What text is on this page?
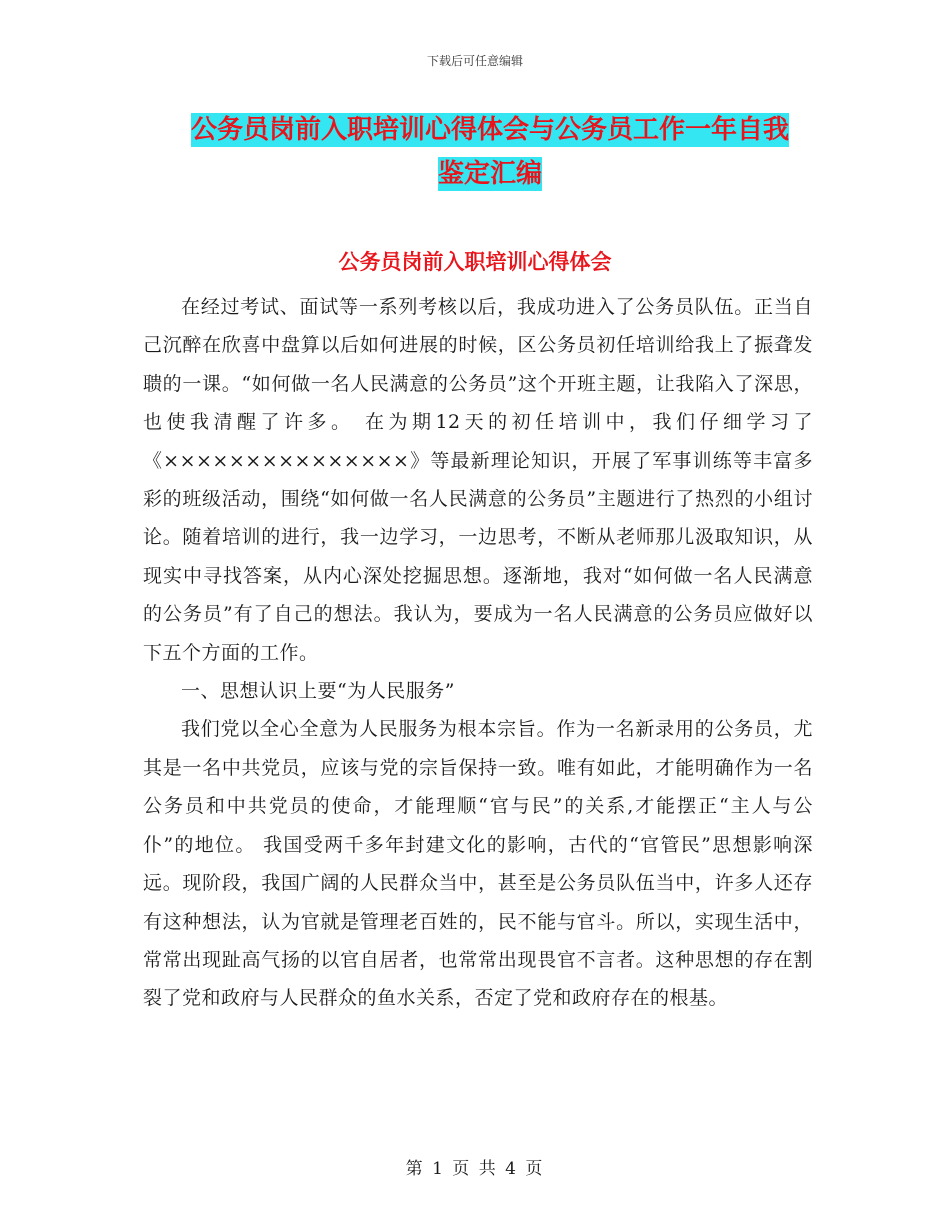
下载后可任意编辑
公务员岗前入职培训心得体会与公务员工作一年自我
鉴定汇编
公务员岗前入职培训心得体会

在经过考试、面试等一系列考核以后，我成功进入了公务员队伍。正当自己沉醉在欣喜中盘算以后如何进展的时候，区公务员初任培训给我上了振聋发聩的一课。“如何做一名人民满意的公务员”这个开班主题，让我陷入了深思，也使我清醒了许多。 在为期12天的初任培训中，我们仔细学习了《×××××××××××××××》等最新理论知识，开展了军事训练等丰富多彩的班级活动，围绕“如何做一名人民满意的公务员”主题进行了热烈的小组讨论。随着培训的进行，我一边学习，一边思考，不断从老师那儿汲取知识，从现实中寻找答案，从内心深处挖掘思想。逐渐地，我对“如何做一名人民满意的公务员”有了自己的想法。我认为，要成为一名人民满意的公务员应做好以下五个方面的工作。

一、思想认识上要“为人民服务”

我们党以全心全意为人民服务为根本宗旨。作为一名新录用的公务员，尤其是一名中共党员，应该与党的宗旨保持一致。唯有如此，才能明确作为一名公务员和中共党员的使命，才能理顺“官与民”的关系,才能摆正“主人与公仆”的地位。 我国受两千多年封建文化的影响，古代的“官管民”思想影响深远。现阶段，我国广阔的人民群众当中，甚至是公务员队伍当中，许多人还存有这种想法，认为官就是管理老百姓的，民不能与官斗。所以，实现生活中，常常出现趾高气扬的以官自居者，也常常出现畏官不言者。这种思想的存在割裂了党和政府与人民群众的鱼水关系，否定了党和政府存在的根基。

第 1 页 共 4 页
